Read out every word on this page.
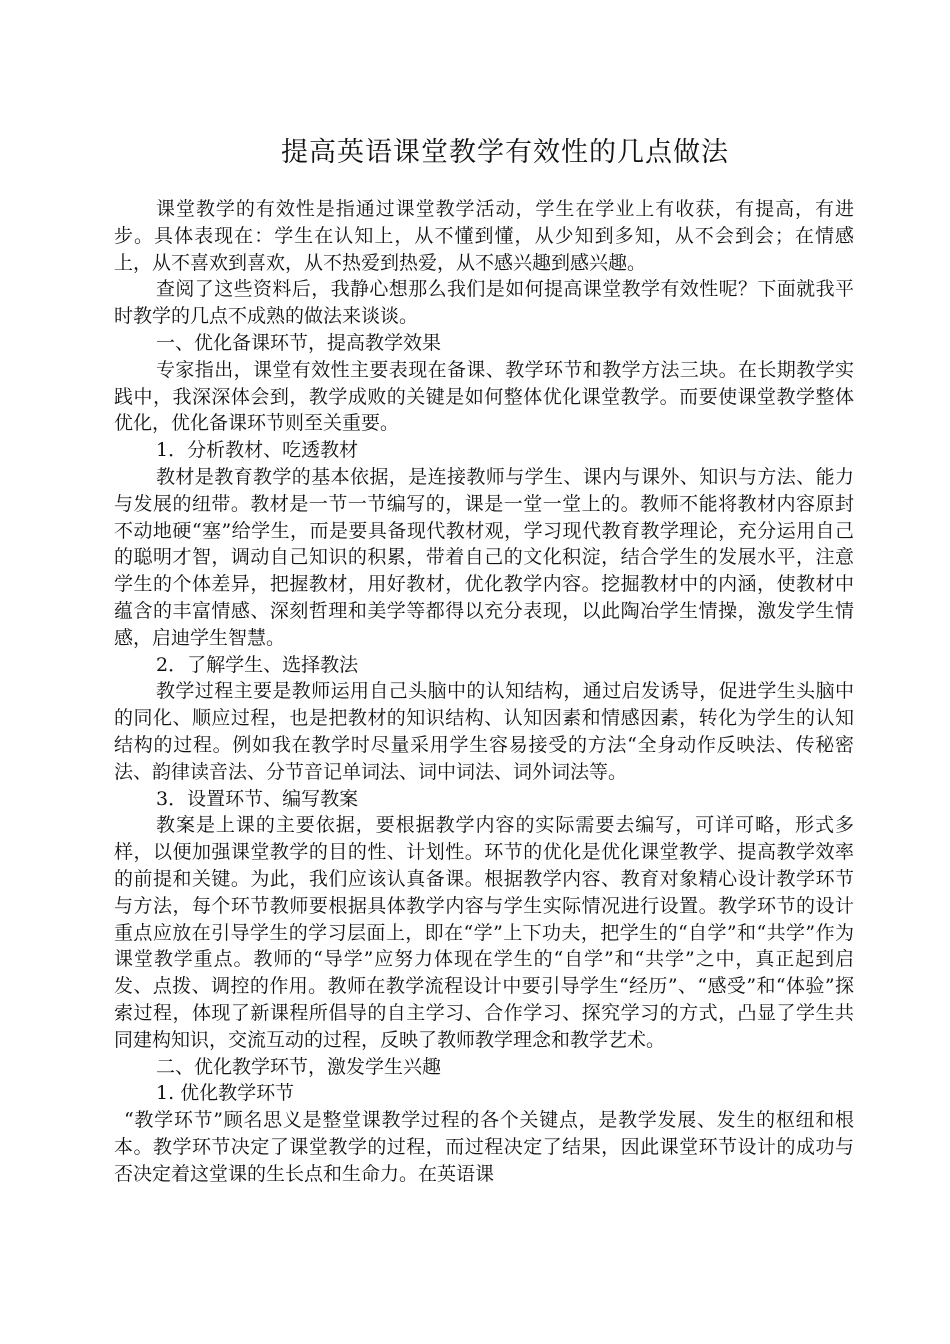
提高英语课堂教学有效性的几点做法

课堂教学的有效性是指通过课堂教学活动，学生在学业上有收获，有提高，有进步。具体表现在：学生在认知上，从不懂到懂，从少知到多知，从不会到会；在情感上，从不喜欢到喜欢，从不热爱到热爱，从不感兴趣到感兴趣。

查阅了这些资料后，我静心想那么我们是如何提高课堂教学有效性呢？下面就我平时教学的几点不成熟的做法来谈谈。

一、优化备课环节，提高教学效果

专家指出，课堂有效性主要表现在备课、教学环节和教学方法三块。在长期教学实践中，我深深体会到，教学成败的关键是如何整体优化课堂教学。而要使课堂教学整体优化，优化备课环节则至关重要。

1．分析教材、吃透教材

教材是教育教学的基本依据，是连接教师与学生、课内与课外、知识与方法、能力与发展的纽带。教材是一节一节编写的，课是一堂一堂上的。教师不能将教材内容原封不动地硬“塞”给学生，而是要具备现代教材观，学习现代教育教学理论，充分运用自己的聪明才智，调动自己知识的积累，带着自己的文化积淀，结合学生的发展水平，注意学生的个体差异，把握教材，用好教材，优化教学内容。挖掘教材中的内涵，使教材中蕴含的丰富情感、深刻哲理和美学等都得以充分表现，以此陶冶学生情操，激发学生情感，启迪学生智慧。

2．了解学生、选择教法

教学过程主要是教师运用自己头脑中的认知结构，通过启发诱导，促进学生头脑中的同化、顺应过程，也是把教材的知识结构、认知因素和情感因素，转化为学生的认知结构的过程。例如我在教学时尽量采用学生容易接受的方法“全身动作反映法、传秘密法、韵律读音法、分节音记单词法、词中词法、词外词法等。

3．设置环节、编写教案

教案是上课的主要依据，要根据教学内容的实际需要去编写，可详可略，形式多样，以便加强课堂教学的目的性、计划性。环节的优化是优化课堂教学、提高教学效率的前提和关键。为此，我们应该认真备课。根据教学内容、教育对象精心设计教学环节与方法，每个环节教师要根据具体教学内容与学生实际情况进行设置。教学环节的设计重点应放在引导学生的学习层面上，即在“学”上下功夫，把学生的“自学”和“共学”作为课堂教学重点。教师的“导学”应努力体现在学生的“自学”和“共学”之中，真正起到启发、点拨、调控的作用。教师在教学流程设计中要引导学生“经历”、“感受”和“体验”探索过程，体现了新课程所倡导的自主学习、合作学习、探究学习的方式，凸显了学生共同建构知识，交流互动的过程，反映了教师教学理念和教学艺术。

二、优化教学环节，激发学生兴趣

1. 优化教学环节

“教学环节”顾名思义是整堂课教学过程的各个关键点，是教学发展、发生的枢纽和根本。教学环节决定了课堂教学的过程，而过程决定了结果，因此课堂环节设计的成功与否决定着这堂课的生长点和生命力。在英语课
